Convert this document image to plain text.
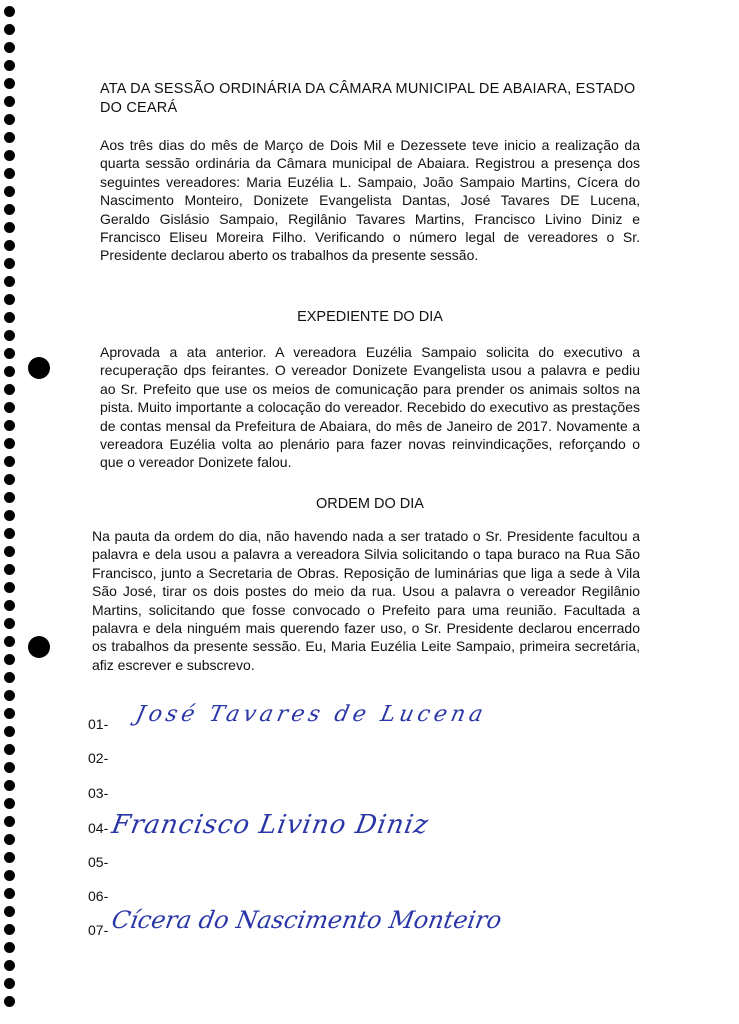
ATA DA SESSÃO ORDINÁRIA DA CÂMARA MUNICIPAL DE ABAIARA, ESTADO DO CEARÁ
Aos três dias do mês de Março de Dois Mil e Dezessete teve inicio a realização da quarta sessão ordinária da Câmara municipal de Abaiara. Registrou a presença dos seguintes vereadores: Maria Euzélia L. Sampaio, João Sampaio Martins, Cícera do Nascimento Monteiro, Donizete Evangelista Dantas, José Tavares DE Lucena, Geraldo Gislásio Sampaio, Regilânio Tavares Martins, Francisco Livino Diniz e Francisco Eliseu Moreira Filho. Verificando o número legal de vereadores o Sr. Presidente declarou aberto os trabalhos da presente sessão.
EXPEDIENTE DO DIA
Aprovada a ata anterior. A vereadora Euzélia Sampaio solicita do executivo a recuperação dps feirantes. O vereador Donizete Evangelista usou a palavra e pediu ao Sr. Prefeito que use os meios de comunicação para prender os animais soltos na pista. Muito importante a colocação do vereador. Recebido do executivo as prestações de contas mensal da Prefeitura de Abaiara, do mês de Janeiro de 2017. Novamente a vereadora Euzélia volta ao plenário para fazer novas reinvindicações, reforçando o que o vereador Donizete falou.
ORDEM DO DIA
Na pauta da ordem do dia, não havendo nada a ser tratado o Sr. Presidente facultou a palavra e dela usou a palavra a vereadora Silvia solicitando o tapa buraco na Rua São Francisco, junto a Secretaria de Obras. Reposição de luminárias que liga a sede à Vila São José, tirar os dois postes do meio da rua. Usou a palavra o vereador Regilânio Martins, solicitando que fosse convocado o Prefeito para uma reunião. Facultada a palavra e dela ninguém mais querendo fazer uso, o Sr. Presidente declarou encerrado os trabalhos da presente sessão. Eu, Maria Euzélia Leite Sampaio, primeira secretária, afiz escrever e subscrevo.
01-
02-
03-
04-
05-
06-
07-
José Tavares de Lucena
Francisco Livino Diniz
Cícera do Nascimento Monteiro
